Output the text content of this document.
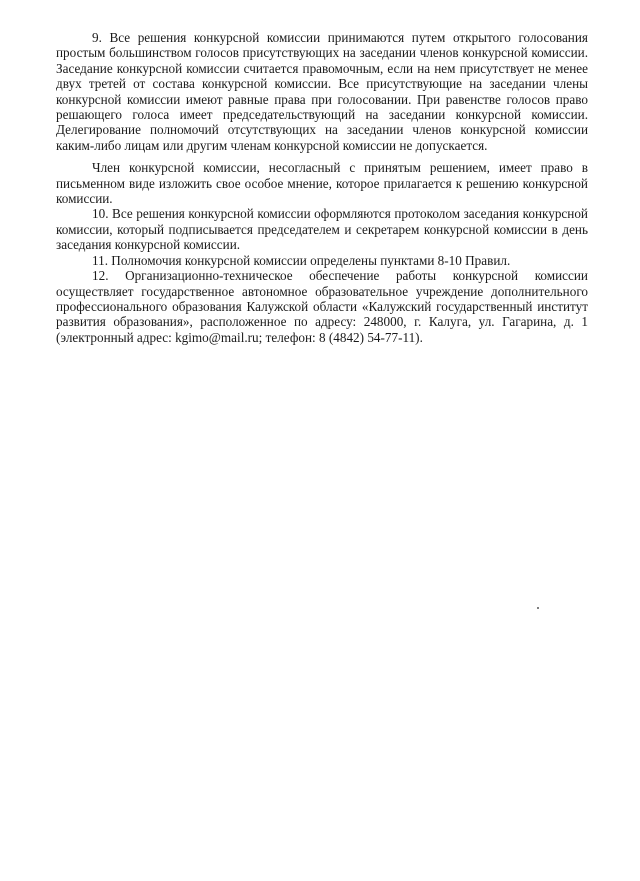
9. Все решения конкурсной комиссии принимаются путем открытого голосования простым большинством голосов присутствующих на заседании членов конкурсной комиссии. Заседание конкурсной комиссии считается правомочным, если на нем присутствует не менее двух третей от состава конкурсной комиссии. Все присутствующие на заседании члены конкурсной комиссии имеют равные права при голосовании. При равенстве голосов право решающего голоса имеет председательствующий на заседании конкурсной комиссии. Делегирование полномочий отсутствующих на заседании членов конкурсной комиссии каким-либо лицам или другим членам конкурсной комиссии не допускается.

Член конкурсной комиссии, несогласный с принятым решением, имеет право в письменном виде изложить свое особое мнение, которое прилагается к решению конкурсной комиссии.

10. Все решения конкурсной комиссии оформляются протоколом заседания конкурсной комиссии, который подписывается председателем и секретарем конкурсной комиссии в день заседания конкурсной комиссии.

11. Полномочия конкурсной комиссии определены пунктами 8-10 Правил.

12. Организационно-техническое обеспечение работы конкурсной комиссии осуществляет государственное автономное образовательное учреждение дополнительного профессионального образования Калужской области «Калужский государственный институт развития образования», расположенное по адресу: 248000, г. Калуга, ул. Гагарина, д. 1 (электронный адрес: kgimo@mail.ru; телефон: 8 (4842) 54-77-11).
